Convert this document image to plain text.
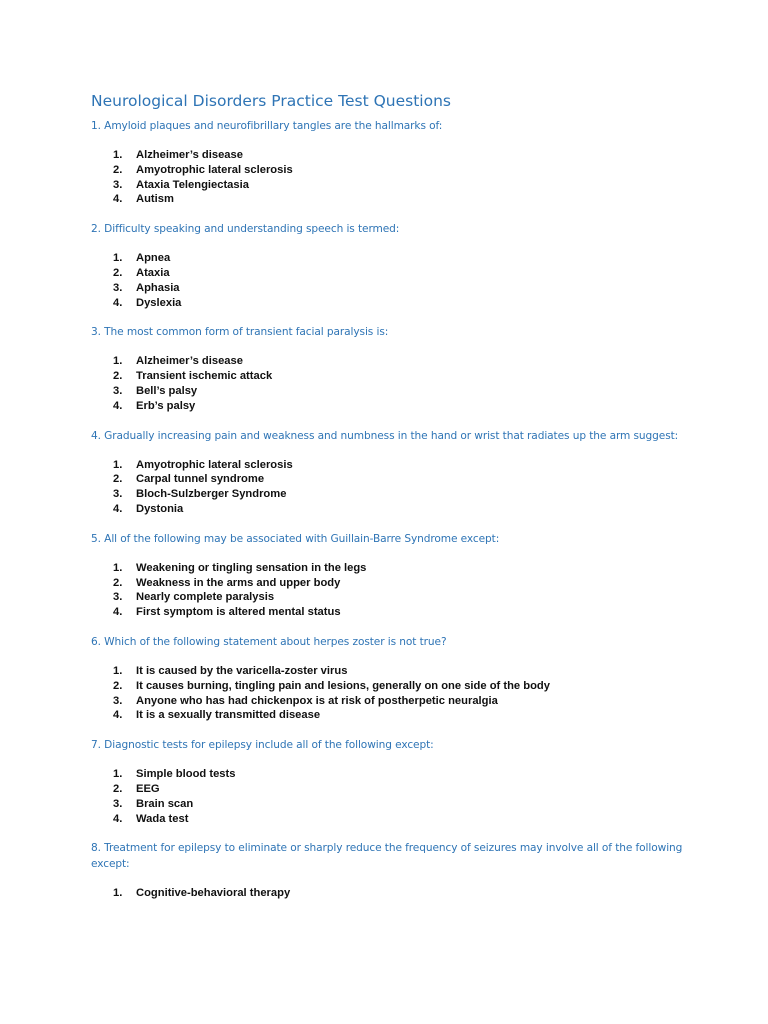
Neurological Disorders Practice Test Questions

1. Amyloid plaques and neurofibrillary tangles are the hallmarks of:

1.	Alzheimer’s disease
2.	Amyotrophic lateral sclerosis
3.	Ataxia Telengiectasia
4.	Autism

2. Difficulty speaking and understanding speech is termed:

1.	Apnea
2.	Ataxia
3.	Aphasia
4.	Dyslexia

3. The most common form of transient facial paralysis is:

1.	Alzheimer’s disease
2.	Transient ischemic attack
3.	Bell’s palsy
4.	Erb’s palsy

4. Gradually increasing pain and weakness and numbness in the hand or wrist that radiates up the arm suggest:

1.	Amyotrophic lateral sclerosis
2.	Carpal tunnel syndrome
3.	Bloch-Sulzberger Syndrome
4.	Dystonia

5. All of the following may be associated with Guillain-Barre Syndrome except:

1.	Weakening or tingling sensation in the legs
2.	Weakness in the arms and upper body
3.	Nearly complete paralysis
4.	First symptom is altered mental status

6. Which of the following statement about herpes zoster is not true?

1.	It is caused by the varicella-zoster virus
2.	It causes burning, tingling pain and lesions, generally on one side of the body
3.	Anyone who has had chickenpox is at risk of postherpetic neuralgia
4.	It is a sexually transmitted disease

7. Diagnostic tests for epilepsy include all of the following except:

1.	Simple blood tests
2.	EEG
3.	Brain scan
4.	Wada test

8. Treatment for epilepsy to eliminate or sharply reduce the frequency of seizures may involve all of the following except:

1.	Cognitive-behavioral therapy
